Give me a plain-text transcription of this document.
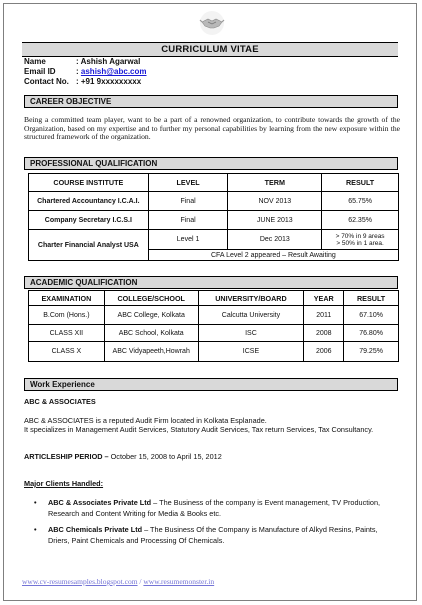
CURRICULUM VITAE
Name	: Ashish Agarwal
Email ID	: ashish@abc.com
Contact No. : +91 9xxxxxxxxx
CAREER OBJECTIVE
Being a committed team player, want to be a part of a renowned organization, to contribute towards the growth of the Organization, based on my expertise and to further my personal capabilities by learning from the new exposure within the structured framework of the organization.
PROFESSIONAL QUALIFICATION
COURSE INSTITUTE	LEVEL	TERM	RESULT
Chartered Accountancy I.C.A.I.	Final	NOV 2013	65.75%
Company Secretary I.C.S.I	Final	JUNE 2013	62.35%
Charter Financial Analyst USA	Level 1	Dec 2013	> 70% in 9 areas
> 50% in 1 area.
	CFA Level 2 appeared – Result Awaiting		
ACADEMIC QUALIFICATION
EXAMINATION	COLLEGE/SCHOOL	UNIVERSITY/BOARD	YEAR	RESULT
B.Com (Hons.)	ABC College, Kolkata	Calcutta University	2011	67.10%
CLASS XII	ABC School, Kolkata	ISC	2008	76.80%
CLASS X	ABC Vidyapeeth,Howrah	ICSE	2006	79.25%
Work Experience
ABC & ASSOCIATES
ABC & ASSOCIATES is a reputed Audit Firm located in Kolkata Esplanade.
It specializes in Management Audit Services, Statutory Audit Services, Tax return Services, Tax Consultancy.
ARTICLESHIP PERIOD – October 15, 2008 to April 15, 2012
Major Clients Handled:
•	ABC & Associates Private Ltd – The Business of the company is Event management, TV Production, Research and Content Writing for Media & Books etc.
•	ABC Chemicals Private Ltd – The Business Of the Company is Manufacture of Alkyd Resins, Paints, Driers, Paint Chemicals and Processing Of Chemicals.
www.cv-resumesamples.blogspot.com / www.resumemonster.in
